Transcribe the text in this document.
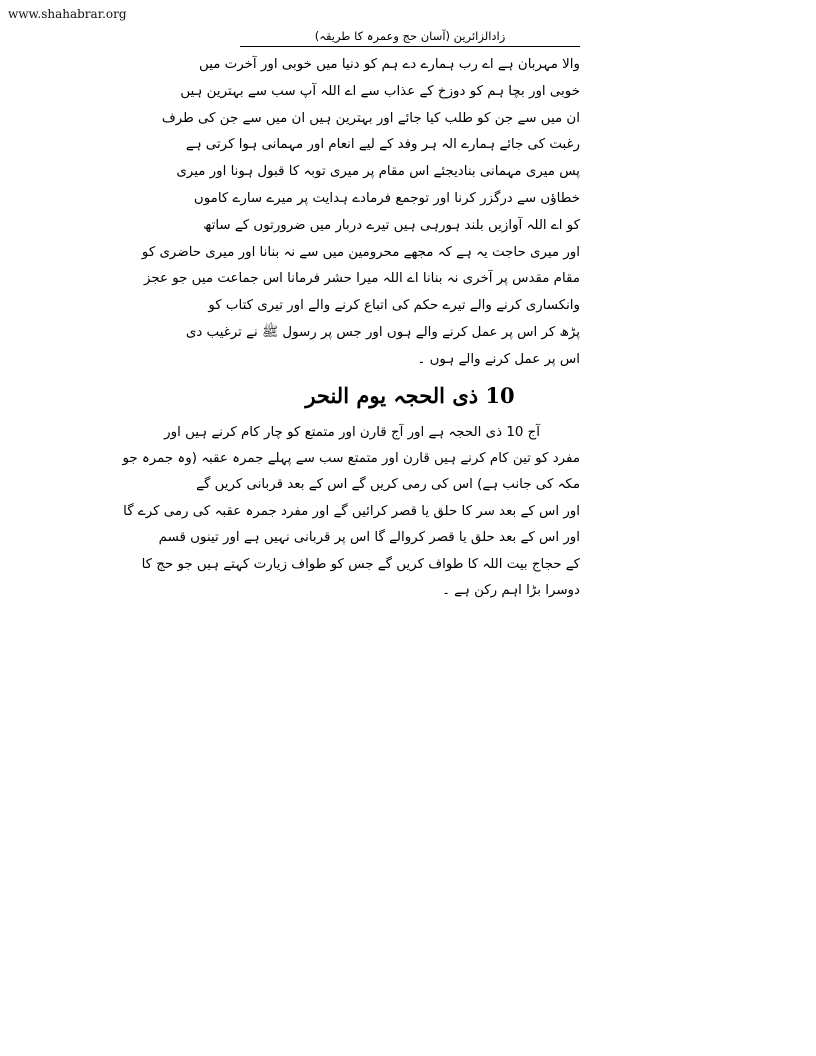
www.shahabrar.org
زادالزائرین (آسان حج وعمرہ کا طریقہ)
والا مہربان ہے اے رب ہمارے دے ہم کو دنیا میں خوبی اور آخرت میں
خوبی اور بچا ہم کو دوزخ کے عذاب سے اے اللہ آپ سب سے بہترین ہیں
ان میں سے جن کو طلب کیا جائے اور بہترین ہیں ان میں سے جن کی طرف
رغبت کی جائے ہمارے الہ ہر وفد کے لیے انعام اور مہمانی ہوا کرتی ہے
پس میری مہمانی بنادیجئے اس مقام پر میری توبہ کا قبول ہونا اور میری
خطاؤں سے درگزر کرنا اور توجمع فرمادے ہدایت پر میرے سارے کاموں
کو اے اللہ آوازیں بلند ہورہی ہیں تیرے دربار میں ضرورتوں کے ساتھ
اور میری حاجت یہ ہے کہ مجھے محرومین میں سے نہ بنانا اور میری حاضری کو
مقام مقدس پر آخری نہ بنانا اے اللہ میرا حشر فرمانا اس جماعت میں جو عجز
وانکساری کرنے والے تیرے حکم کی اتباع کرنے والے اور تیری کتاب کو
پڑھ کر اس پر عمل کرنے والے ہوں اور جس پر رسول ﷺ نے ترغیب دی
اس پر عمل کرنے والے ہوں ۔
10 ذی الحجہ یوم النحر
آج 10 ذی الحجہ ہے اور آج قارن اور متمتع کو چار کام کرنے ہیں اور
مفرد کو تین کام کرنے ہیں قارن اور متمتع سب سے پہلے جمرہ عقبہ (وہ جمرہ جو
مکہ کی جانب ہے) اس کی رمی کریں گے اس کے بعد قربانی کریں گے
اور اس کے بعد سر کا حلق یا قصر کرائیں گے اور مفرد جمرہ عقبہ کی رمی کرے گا
اور اس کے بعد حلق یا قصر کروالے گا اس پر قربانی نہیں ہے اور تینوں قسم
کے حجاج بیت اللہ کا طواف کریں گے جس کو طواف زیارت کہتے ہیں جو حج کا
دوسرا بڑا اہم رکن ہے ۔
